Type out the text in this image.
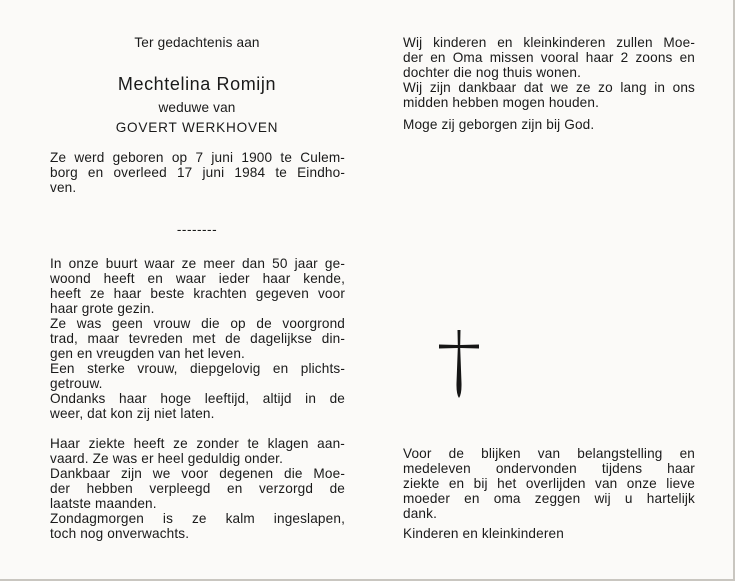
Ter gedachtenis aan
Mechtelina Romijn
weduwe van
GOVERT WERKHOVEN
Ze werd geboren op 7 juni 1900 te Culem-
borg en overleed 17 juni 1984 te Eindho-
ven.
--------
In onze buurt waar ze meer dan 50 jaar ge-
woond heeft en waar ieder haar kende,
heeft ze haar beste krachten gegeven voor
haar grote gezin.
Ze was geen vrouw die op de voorgrond
trad, maar tevreden met de dagelijkse din-
gen en vreugden van het leven.
Een sterke vrouw, diepgelovig en plichts-
getrouw.
Ondanks haar hoge leeftijd, altijd in de
weer, dat kon zij niet laten.
Haar ziekte heeft ze zonder te klagen aan-
vaard. Ze was er heel geduldig onder.
Dankbaar zijn we voor degenen die Moe-
der hebben verpleegd en verzorgd de
laatste maanden.
Zondagmorgen is ze kalm ingeslapen,
toch nog onverwachts.
Wij kinderen en kleinkinderen zullen Moe-
der en Oma missen vooral haar 2 zoons en
dochter die nog thuis wonen.
Wij zijn dankbaar dat we ze zo lang in ons
midden hebben mogen houden.
Moge zij geborgen zijn bij God.
Voor de blijken van belangstelling en
medeleven ondervonden tijdens haar
ziekte en bij het overlijden van onze lieve
moeder en oma zeggen wij u hartelijk
dank.
Kinderen en kleinkinderen
